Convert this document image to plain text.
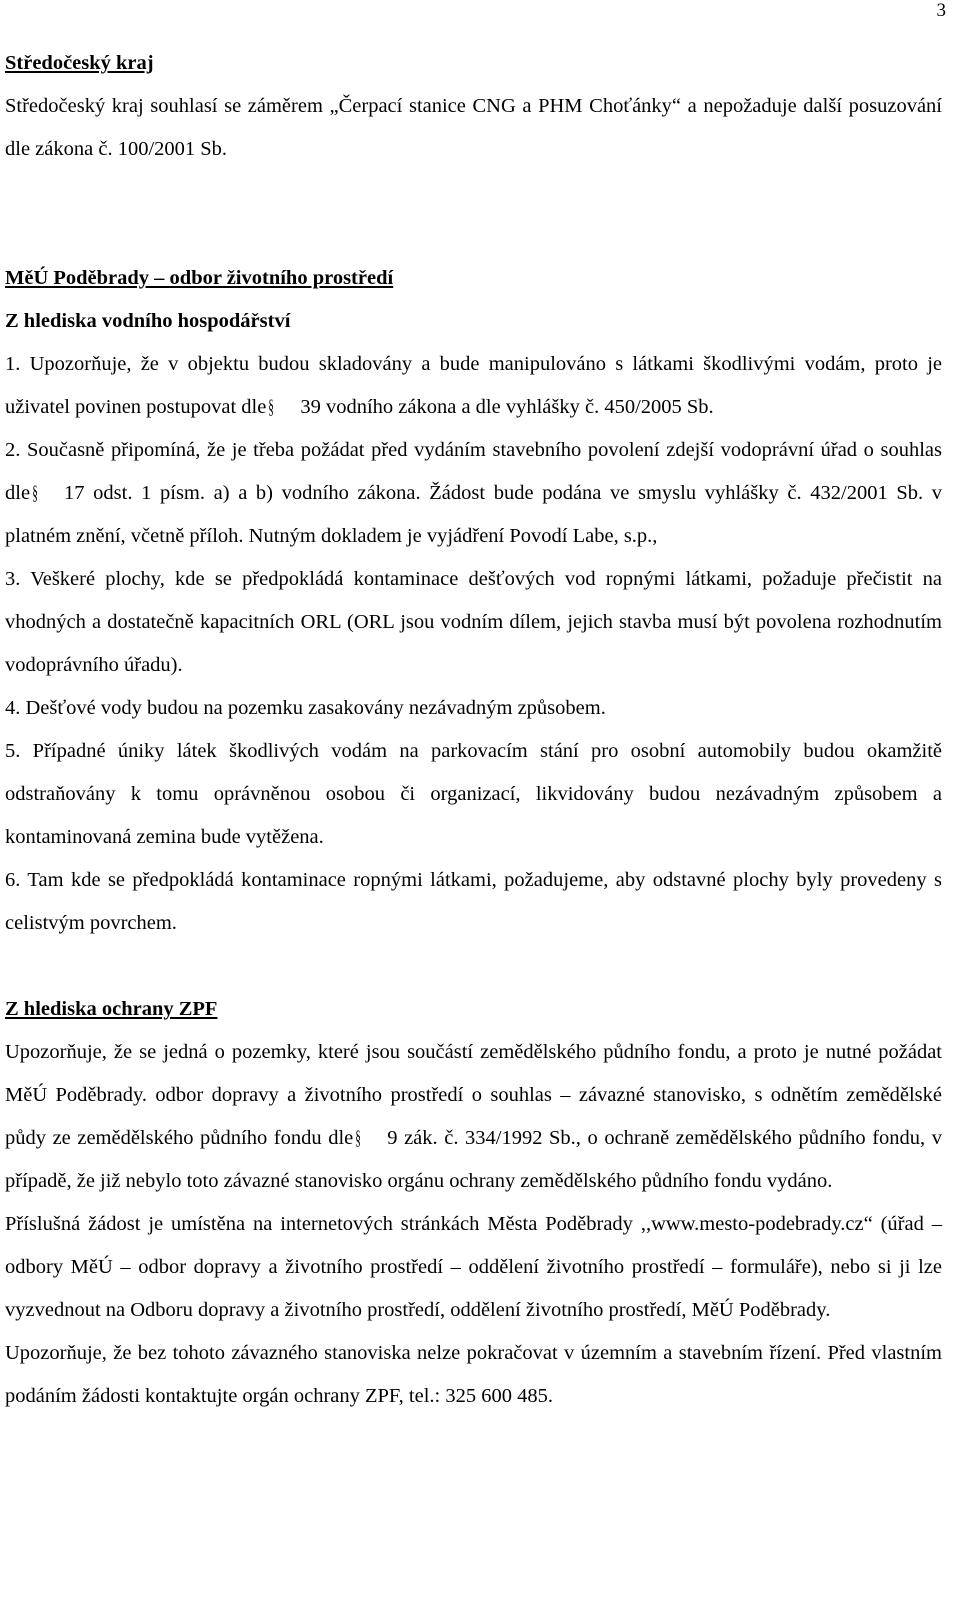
3

Středočeský kraj

Středočeský kraj souhlasí se záměrem „Čerpací stanice CNG a PHM Choťánky“ a nepožaduje další posuzování dle zákona č. 100/2001 Sb.

MěÚ Poděbrady – odbor životního prostředí

Z hlediska vodního hospodářství

1. Upozorňuje, že v objektu budou skladovány a bude manipulováno s látkami škodlivými vodám, proto je uživatel povinen postupovat dle § 39 vodního zákona a dle vyhlášky č. 450/2005 Sb.

2. Současně připomíná, že je třeba požádat před vydáním stavebního povolení zdejší vodoprávní úřad o souhlas dle § 17 odst. 1 písm. a) a b) vodního zákona. Žádost bude podána ve smyslu vyhlášky č. 432/2001 Sb. v platném znění, včetně příloh. Nutným dokladem je vyjádření Povodí Labe, s.p.,

3. Veškeré plochy, kde se předpokládá kontaminace dešťových vod ropnými látkami, požaduje přečistit na vhodných a dostatečně kapacitních ORL (ORL jsou vodním dílem, jejich stavba musí být povolena rozhodnutím vodoprávního úřadu).

4. Dešťové vody budou na pozemku zasakovány nezávadným způsobem.

5. Případné úniky látek škodlivých vodám na parkovacím stání pro osobní automobily budou okamžitě odstraňovány k tomu oprávněnou osobou či organizací, likvidovány budou nezávadným způsobem a kontaminovaná zemina bude vytěžena.

6. Tam kde se předpokládá kontaminace ropnými látkami, požadujeme, aby odstavné plochy byly provedeny s celistvým povrchem.

Z hlediska ochrany ZPF

Upozorňuje, že se jedná o pozemky, které jsou součástí zemědělského půdního fondu, a proto je nutné požádat MěÚ Poděbrady. odbor dopravy a životního prostředí o souhlas – závazné stanovisko, s odnětím zemědělské půdy ze zemědělského půdního fondu dle § 9 zák. č. 334/1992 Sb., o ochraně zemědělského půdního fondu, v případě, že již nebylo toto závazné stanovisko orgánu ochrany zemědělského půdního fondu vydáno.

Příslušná žádost je umístěna na internetových stránkách Města Poděbrady ,,www.mesto-podebrady.cz“ (úřad – odbory MěÚ – odbor dopravy a životního prostředí – oddělení životního prostředí – formuláře), nebo si ji lze vyzvednout na Odboru dopravy a životního prostředí, oddělení životního prostředí, MěÚ Poděbrady.

Upozorňuje, že bez tohoto závazného stanoviska nelze pokračovat v územním a stavebním řízení. Před vlastním podáním žádosti kontaktujte orgán ochrany ZPF, tel.: 325 600 485.
